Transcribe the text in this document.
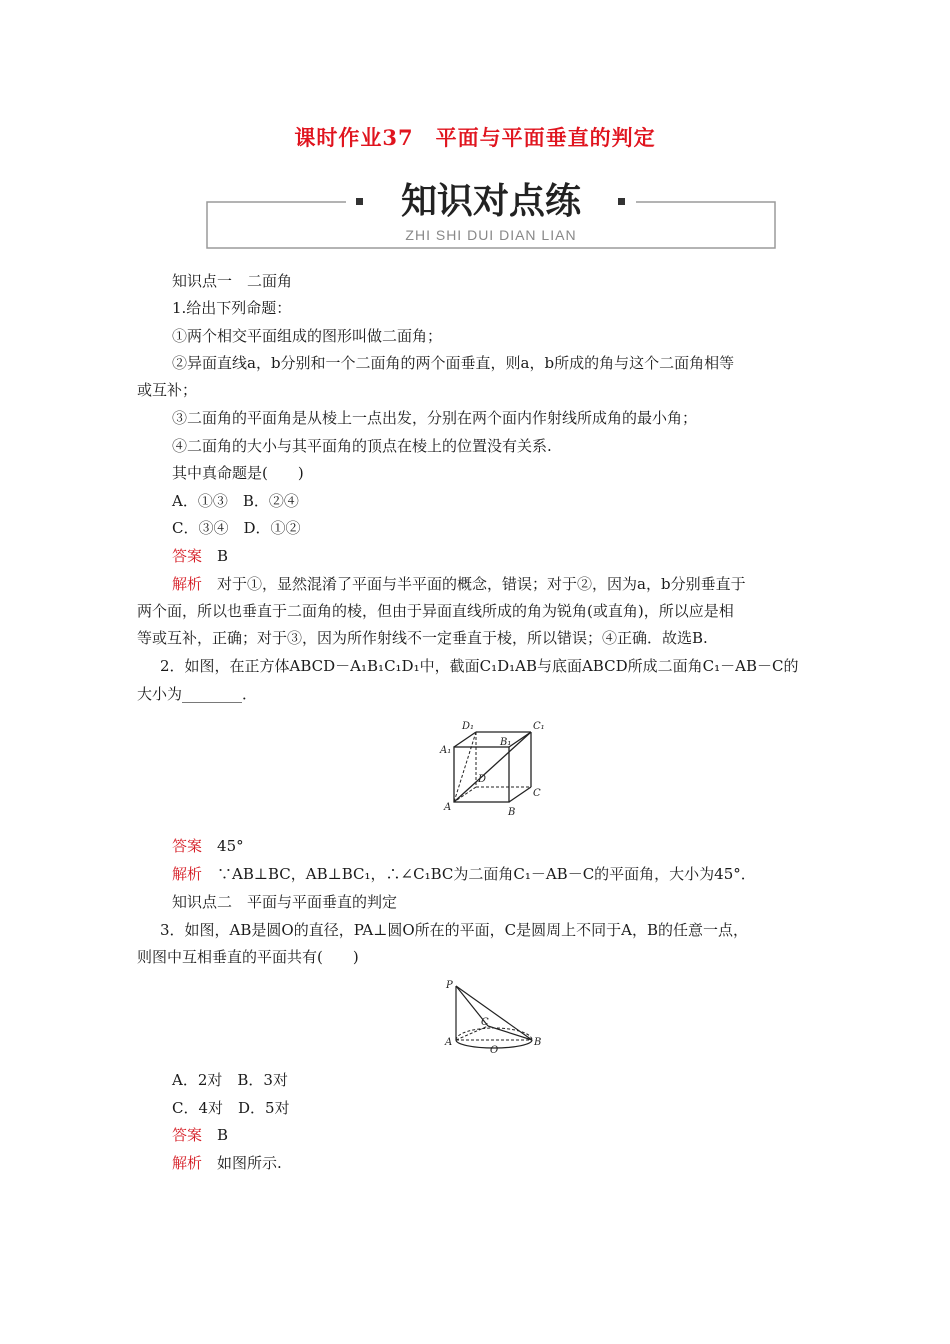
课时作业37　平面与平面垂直的判定
知识对点练
ZHI SHI DUI DIAN LIAN
知识点一　二面角
1.给出下列命题：
①两个相交平面组成的图形叫做二面角；
②异面直线a，b分别和一个二面角的两个面垂直，则a，b所成的角与这个二面角相等
或互补；
③二面角的平面角是从棱上一点出发，分别在两个面内作射线所成角的最小角；
④二面角的大小与其平面角的顶点在棱上的位置没有关系.
其中真命题是(　　)
A．①③　B．②④
C．③④　D．①②
答案　 B
解析　 对于①，显然混淆了平面与半平面的概念，错误；对于②，因为a，b分别垂直于
两个面，所以也垂直于二面角的棱，但由于异面直线所成的角为锐角(或直角)，所以应是相
等或互补，正确；对于③，因为所作射线不一定垂直于棱，所以错误；④正确．故选B.
2．如图，在正方体ABCD－A₁B₁C₁D₁中，截面C₁D₁AB与底面ABCD所成二面角C₁－AB－C的
大小为________．
D₁	C₁
A₁
B₁
D
C
A	B
答案　 45°
解析　 ∵AB⊥BC，AB⊥BC₁，∴∠C₁BC为二面角C₁－AB－C的平面角，大小为45°．
知识点二　平面与平面垂直的判定
3．如图，AB是圆O的直径，PA⊥圆O所在的平面，C是圆周上不同于A，B的任意一点，
则图中互相垂直的平面共有(　　)
P
C
A
O
B
A．2对　B．3对
C．4对　D．5对
答案　 B
解析　 如图所示.
